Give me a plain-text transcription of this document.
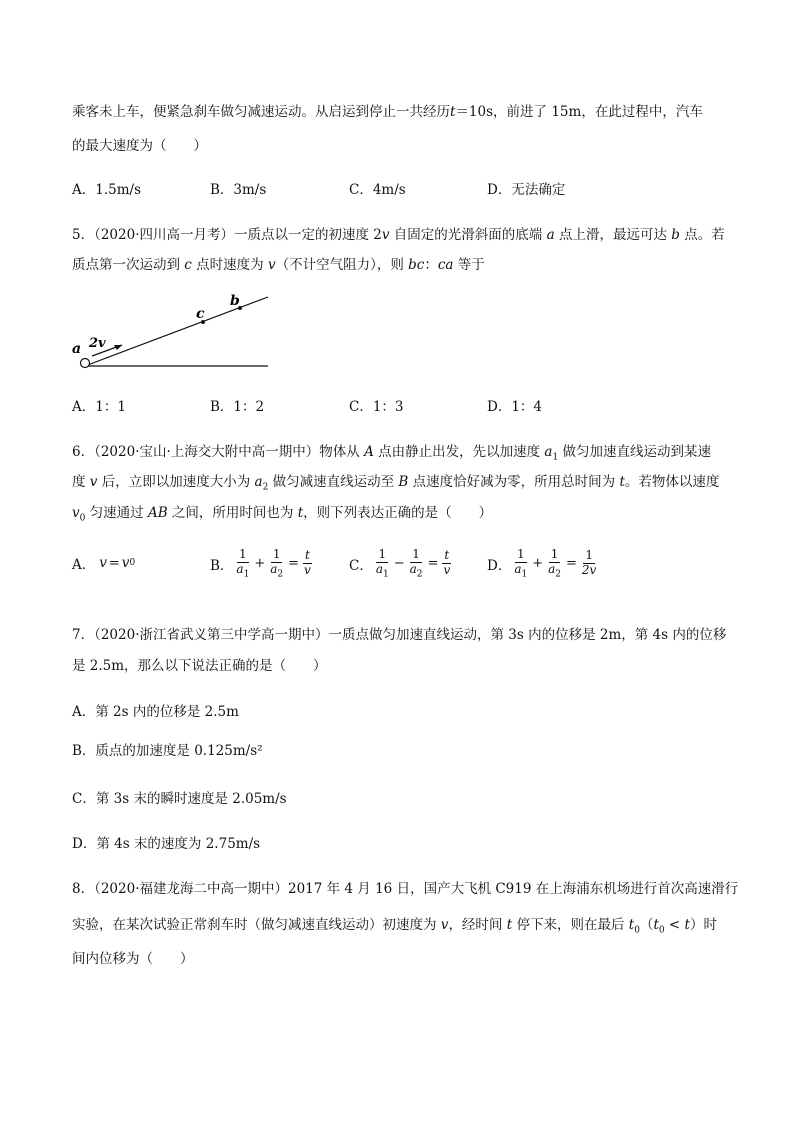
乘客未上车，便紧急刹车做匀减速运动。从启运到停止一共经历t＝10s，前进了 15m，在此过程中，汽车
的最大速度为（　　）
A．1.5m/s	B．3m/s	C．4m/s	D．无法确定
5．（2020·四川高一月考）一质点以一定的初速度 2v 自固定的光滑斜面的底端 a 点上滑，最远可达 b 点。若
质点第一次运动到 c 点时速度为 v（不计空气阻力），则 bc：ca 等于
a 2v
c
b
A．1：1	B．1：2	C．1：3	D．1：4
6．（2020·宝山·上海交大附中高一期中）物体从 A 点由静止出发，先以加速度 $a_1$ 做匀加速直线运动到某速
度 v 后，立即以加速度大小为 $a_2$ 做匀减速直线运动至 B 点速度恰好减为零，所用总时间为 t。若物体以速度
$v_0$ 匀速通过 AB 之间，所用时间也为 t，则下列表达正确的是（　　）
A． v = v 0	B． $\frac{1}{a_1} + \frac{1}{a_2} = \frac{t}{v}$	C． $\frac{1}{a_1} - \frac{1}{a_2} = \frac{t}{v}$	D． $\frac{1}{a_1} + \frac{1}{a_2} = \frac{1}{2v}$
7．（2020·浙江省武义第三中学高一期中）一质点做匀加速直线运动，第 3s 内的位移是 2m，第 4s 内的位移
是 2.5m，那么以下说法正确的是（　　）
A．第 2s 内的位移是 2.5m
B．质点的加速度是 0.125m/s²
C．第 3s 末的瞬时速度是 2.05m/s
D．第 4s 末的速度为 2.75m/s
8．（2020·福建龙海二中高一期中）2017 年 4 月 16 日，国产大飞机 C919 在上海浦东机场进行首次高速滑行
实验，在某次试验正常刹车时（做匀减速直线运动）初速度为 v，经时间 t 停下来，则在最后 $t_0(t_0 < t)$时
间内位移为（　　）
